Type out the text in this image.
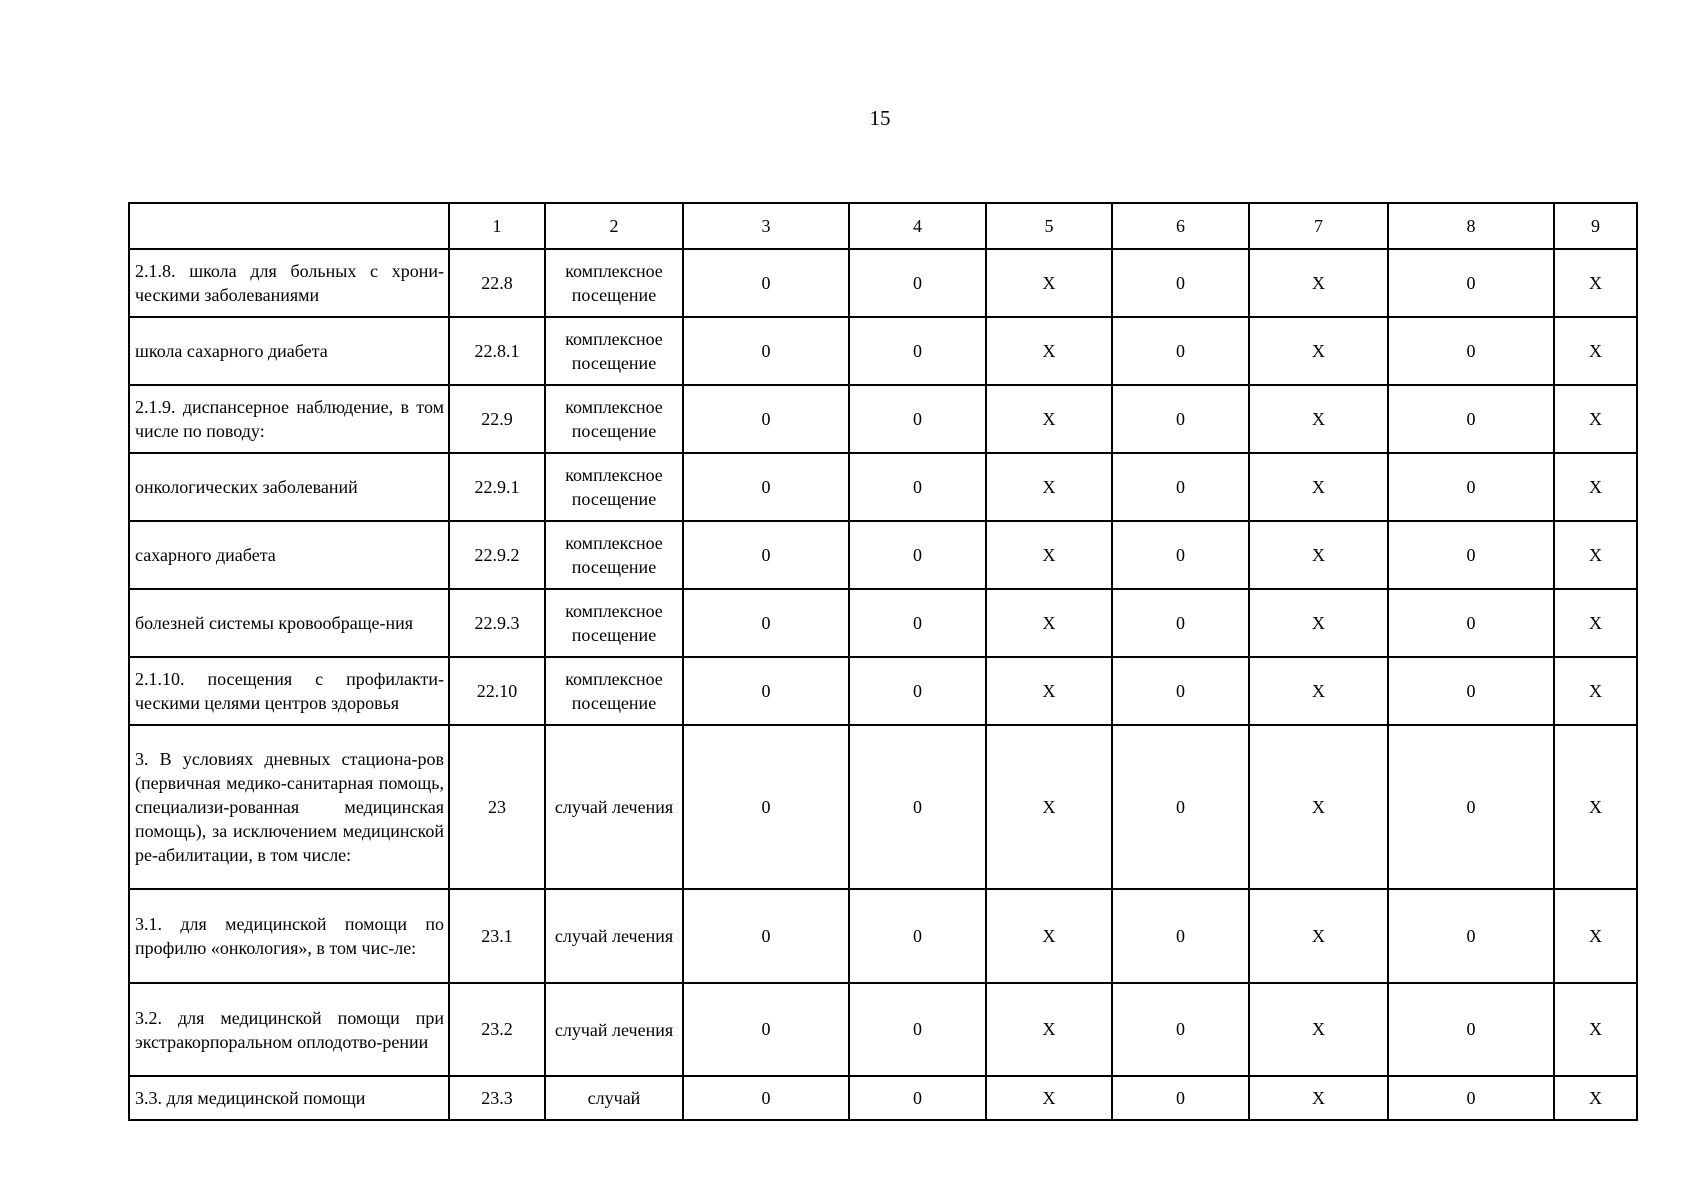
15
	1	2	3	4	5	6	7	8	9
2.1.8. школа для больных с хрони-ческими заболеваниями	22.8	комплексное посещение	0	0	X	0	X	0	X
школа сахарного диабета	22.8.1	комплексное посещение	0	0	X	0	X	0	X
2.1.9. диспансерное наблюдение, в том числе по поводу:	22.9	комплексное посещение	0	0	X	0	X	0	X
онкологических заболеваний	22.9.1	комплексное посещение	0	0	X	0	X	0	X
сахарного диабета	22.9.2	комплексное посещение	0	0	X	0	X	0	X
болезней системы кровообраще-ния	22.9.3	комплексное посещение	0	0	X	0	X	0	X
2.1.10. посещения с профилакти-ческими целями центров здоровья	22.10	комплексное посещение	0	0	X	0	X	0	X
3. В условиях дневных стациона-ров (первичная медико-санитарная помощь, специализи-рованная медицинская помощь), за исключением медицинской ре-абилитации, в том числе:	23	случай лечения	0	0	X	0	X	0	X
3.1. для медицинской помощи по профилю «онкология», в том чис-ле:	23.1	случай лечения	0	0	X	0	X	0	X
3.2. для медицинской помощи при экстракорпоральном оплодотво-рении	23.2	случай лечения	0	0	X	0	X	0	X
3.3. для медицинской помощи	23.3	случай	0	0	X	0	X	0	X
